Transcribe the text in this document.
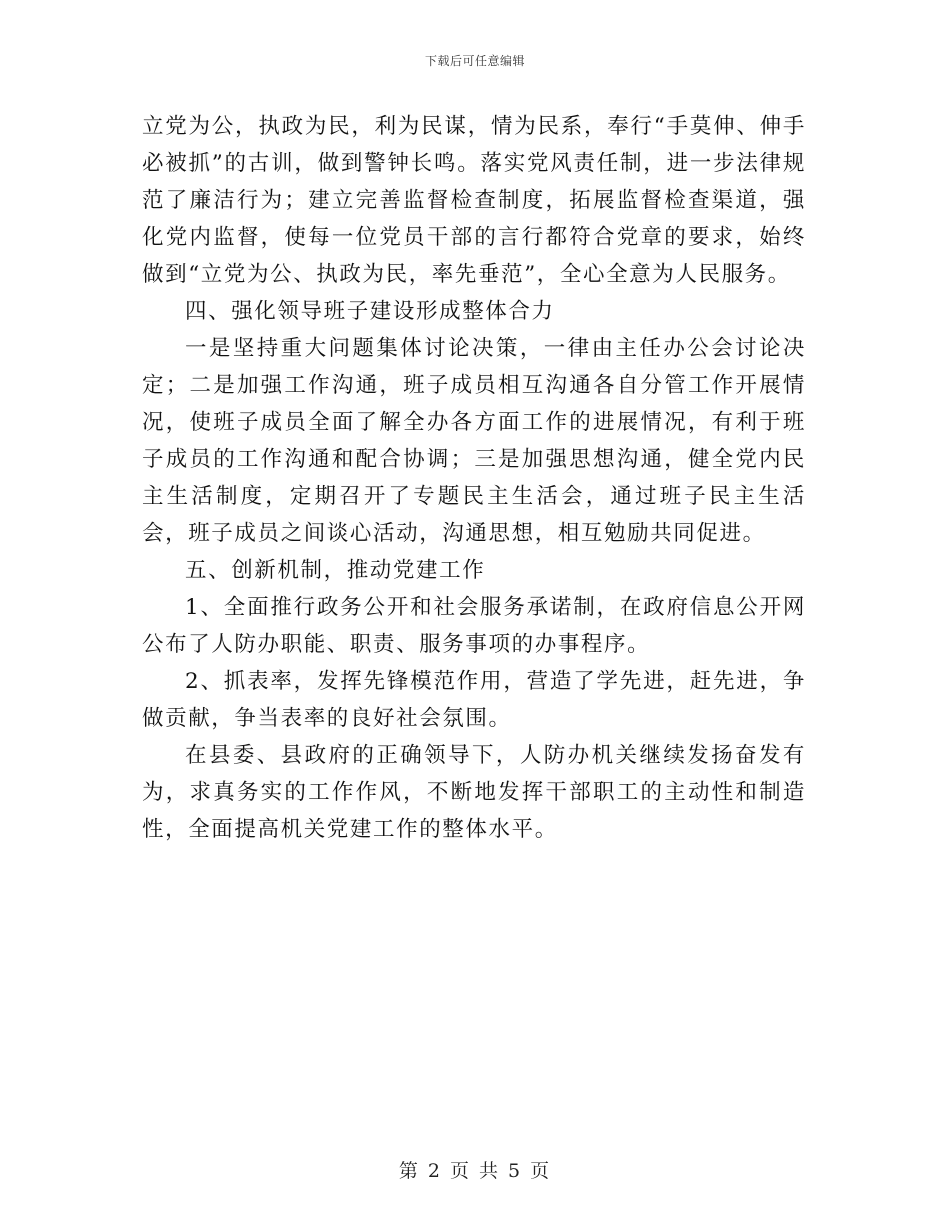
下载后可任意编辑

立党为公，执政为民，利为民谋，情为民系，奉行“手莫伸、伸手必被抓”的古训，做到警钟长鸣。落实党风责任制，进一步法律规范了廉洁行为；建立完善监督检查制度，拓展监督检查渠道，强化党内监督，使每一位党员干部的言行都符合党章的要求，始终做到“立党为公、执政为民，率先垂范”，全心全意为人民服务。

四、强化领导班子建设形成整体合力

一是坚持重大问题集体讨论决策，一律由主任办公会讨论决定；二是加强工作沟通，班子成员相互沟通各自分管工作开展情况，使班子成员全面了解全办各方面工作的进展情况，有利于班子成员的工作沟通和配合协调；三是加强思想沟通，健全党内民主生活制度，定期召开了专题民主生活会，通过班子民主生活会，班子成员之间谈心活动，沟通思想，相互勉励共同促进。

五、创新机制，推动党建工作

1、全面推行政务公开和社会服务承诺制，在政府信息公开网公布了人防办职能、职责、服务事项的办事程序。

2、抓表率，发挥先锋模范作用，营造了学先进，赶先进，争做贡献，争当表率的良好社会氛围。

在县委、县政府的正确领导下，人防办机关继续发扬奋发有为，求真务实的工作作风，不断地发挥干部职工的主动性和制造性，全面提高机关党建工作的整体水平。

第 2 页 共 5 页
